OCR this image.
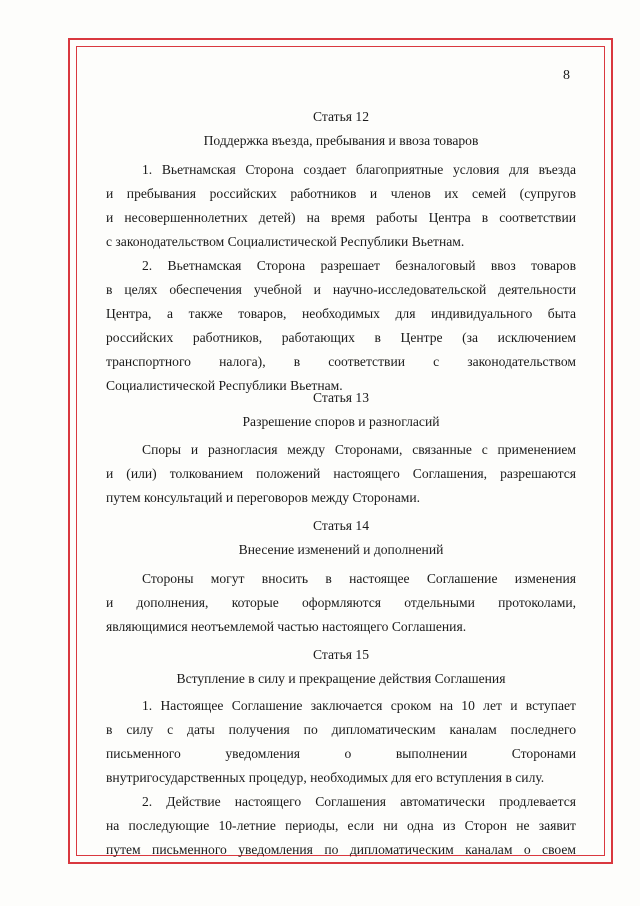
8
Статья 12
Поддержка въезда, пребывания и ввоза товаров
1. Вьетнамская Сторона создает благоприятные условия для въезда
и пребывания российских работников и членов их семей (супругов
и несовершеннолетних детей) на время работы Центра в соответствии
с законодательством Социалистической Республики Вьетнам.
2. Вьетнамская Сторона разрешает безналоговый ввоз товаров
в целях обеспечения учебной и научно-исследовательской деятельности
Центра, а также товаров, необходимых для индивидуального быта
российских работников, работающих в Центре (за исключением
транспортного налога), в соответствии с законодательством
Социалистической Республики Вьетнам.
Статья 13
Разрешение споров и разногласий
Споры и разногласия между Сторонами, связанные с применением
и (или) толкованием положений настоящего Соглашения, разрешаются
путем консультаций и переговоров между Сторонами.
Статья 14
Внесение изменений и дополнений
Стороны могут вносить в настоящее Соглашение изменения
и дополнения, которые оформляются отдельными протоколами,
являющимися неотъемлемой частью настоящего Соглашения.
Статья 15
Вступление в силу и прекращение действия Соглашения
1. Настоящее Соглашение заключается сроком на 10 лет и вступает
в силу с даты получения по дипломатическим каналам последнего
письменного уведомления о выполнении Сторонами
внутригосударственных процедур, необходимых для его вступления в силу.
2. Действие настоящего Соглашения автоматически продлевается
на последующие 10-летние периоды, если ни одна из Сторон не заявит
путем письменного уведомления по дипломатическим каналам о своем
